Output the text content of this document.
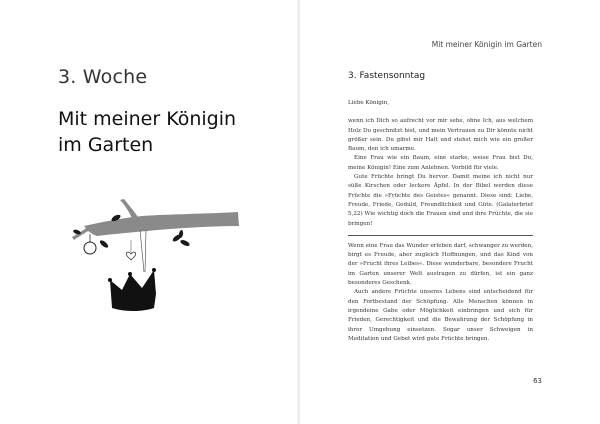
3. Woche
Mit meiner Königin
im Garten
Mit meiner Königin im Garten
3. Fastensonntag

Liebe Königin,

wenn ich Dich so aufrecht vor mir sehe, ohne Ich, aus welchem Holz Du geschnitzt bist, und mein Vertrauen zu Dir könnte nicht größer sein. Du gibst mir Halt und stehst mich wie ein großer Baum, den ich umarme.

Eine Frau wie ein Baum, eine starke, weise Frau bist Du, meine Königin! Eine zum Anlehnen. Vorbild für viele.

Gute Früchte bringt Du hervor. Damit meine ich nicht nur süße Kirschen oder leckere Äpfel. In der Bibel werden diese Früchte die »Früchte des Geistes« genannt. Diese sind: Liebe, Freude, Friede, Geduld, Freundlichkeit und Güte. (Galaterbrief 5,22) Wie wichtig doch die Frauen sind und ihre Früchte, die sie bringen!

Wenn eine Frau das Wunder erleben darf, schwanger zu werden, birgt es Freude, aber zugleich Hoffnungen, und das Kind von der »Frucht ihres Leibes«. Diese wunderbare, besondere Frucht im Garten unserer Welt austragen zu dürfen, ist ein ganz besonderes Geschenk.

Auch andere Früchte unseres Lebens sind entscheidend für den Fortbestand der Schöpfung. Alle Menschen können in irgendeine Gabe oder Möglichkeit einbringen und sich für Frieden, Gerechtigkeit und die Bewahrung der Schöpfung in ihrer Umgebung einsetzen. Sogar unser Schweigen in Meditation und Gebet wird gute Früchte bringen.

63
